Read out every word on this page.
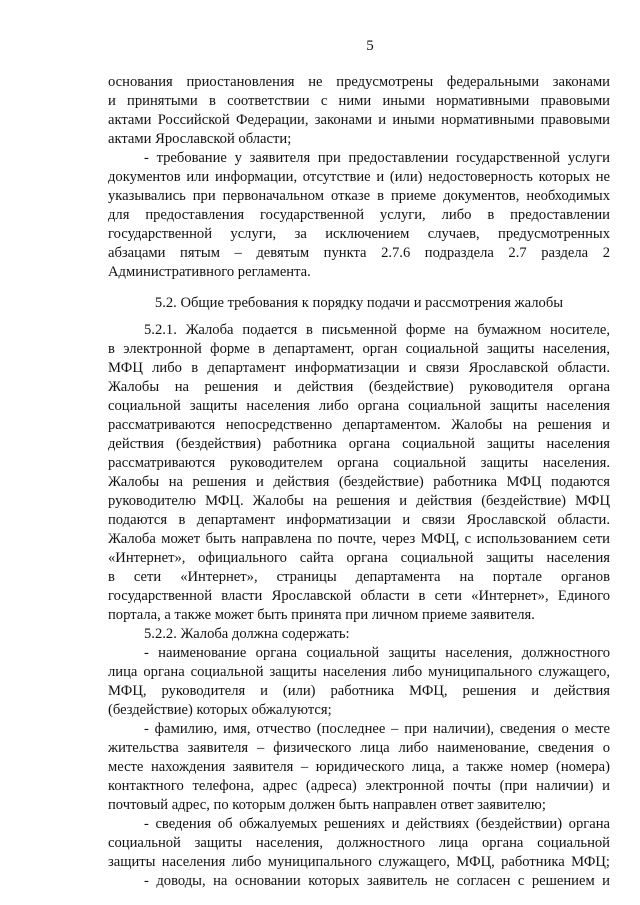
5
основания приостановления не предусмотрены федеральными законами
и принятыми в соответствии с ними иными нормативными правовыми
актами Российской Федерации, законами и иными нормативными правовыми
актами Ярославской области;
- требование у заявителя при предоставлении государственной услуги
документов или информации, отсутствие и (или) недостоверность которых не
указывались при первоначальном отказе в приеме документов, необходимых
для предоставления государственной услуги, либо в предоставлении
государственной услуги, за исключением случаев, предусмотренных
абзацами пятым – девятым пункта 2.7.6 подраздела 2.7 раздела 2
Административного регламента.
5.2. Общие требования к порядку подачи и рассмотрения жалобы
5.2.1. Жалоба подается в письменной форме на бумажном носителе,
в электронной форме в департамент, орган социальной защиты населения,
МФЦ либо в департамент информатизации и связи Ярославской области.
Жалобы на решения и действия (бездействие) руководителя органа
социальной защиты населения либо органа социальной защиты населения
рассматриваются непосредственно департаментом. Жалобы на решения и
действия (бездействия) работника органа социальной защиты населения
рассматриваются руководителем органа социальной защиты населения.
Жалобы на решения и действия (бездействие) работника МФЦ подаются
руководителю МФЦ. Жалобы на решения и действия (бездействие) МФЦ
подаются в департамент информатизации и связи Ярославской области.
Жалоба может быть направлена по почте, через МФЦ, с использованием сети
«Интернет», официального сайта органа социальной защиты населения
в сети «Интернет», страницы департамента на портале органов
государственной власти Ярославской области в сети «Интернет», Единого
портала, а также может быть принята при личном приеме заявителя.
5.2.2. Жалоба должна содержать:
- наименование органа социальной защиты населения, должностного
лица органа социальной защиты населения либо муниципального служащего,
МФЦ, руководителя и (или) работника МФЦ, решения и действия
(бездействие) которых обжалуются;
- фамилию, имя, отчество (последнее – при наличии), сведения о месте
жительства заявителя – физического лица либо наименование, сведения о
месте нахождения заявителя – юридического лица, а также номер (номера)
контактного телефона, адрес (адреса) электронной почты (при наличии) и
почтовый адрес, по которым должен быть направлен ответ заявителю;
- сведения об обжалуемых решениях и действиях (бездействии) органа
социальной защиты населения, должностного лица органа социальной
защиты населения либо муниципального служащего, МФЦ, работника МФЦ;
- доводы, на основании которых заявитель не согласен с решением и
